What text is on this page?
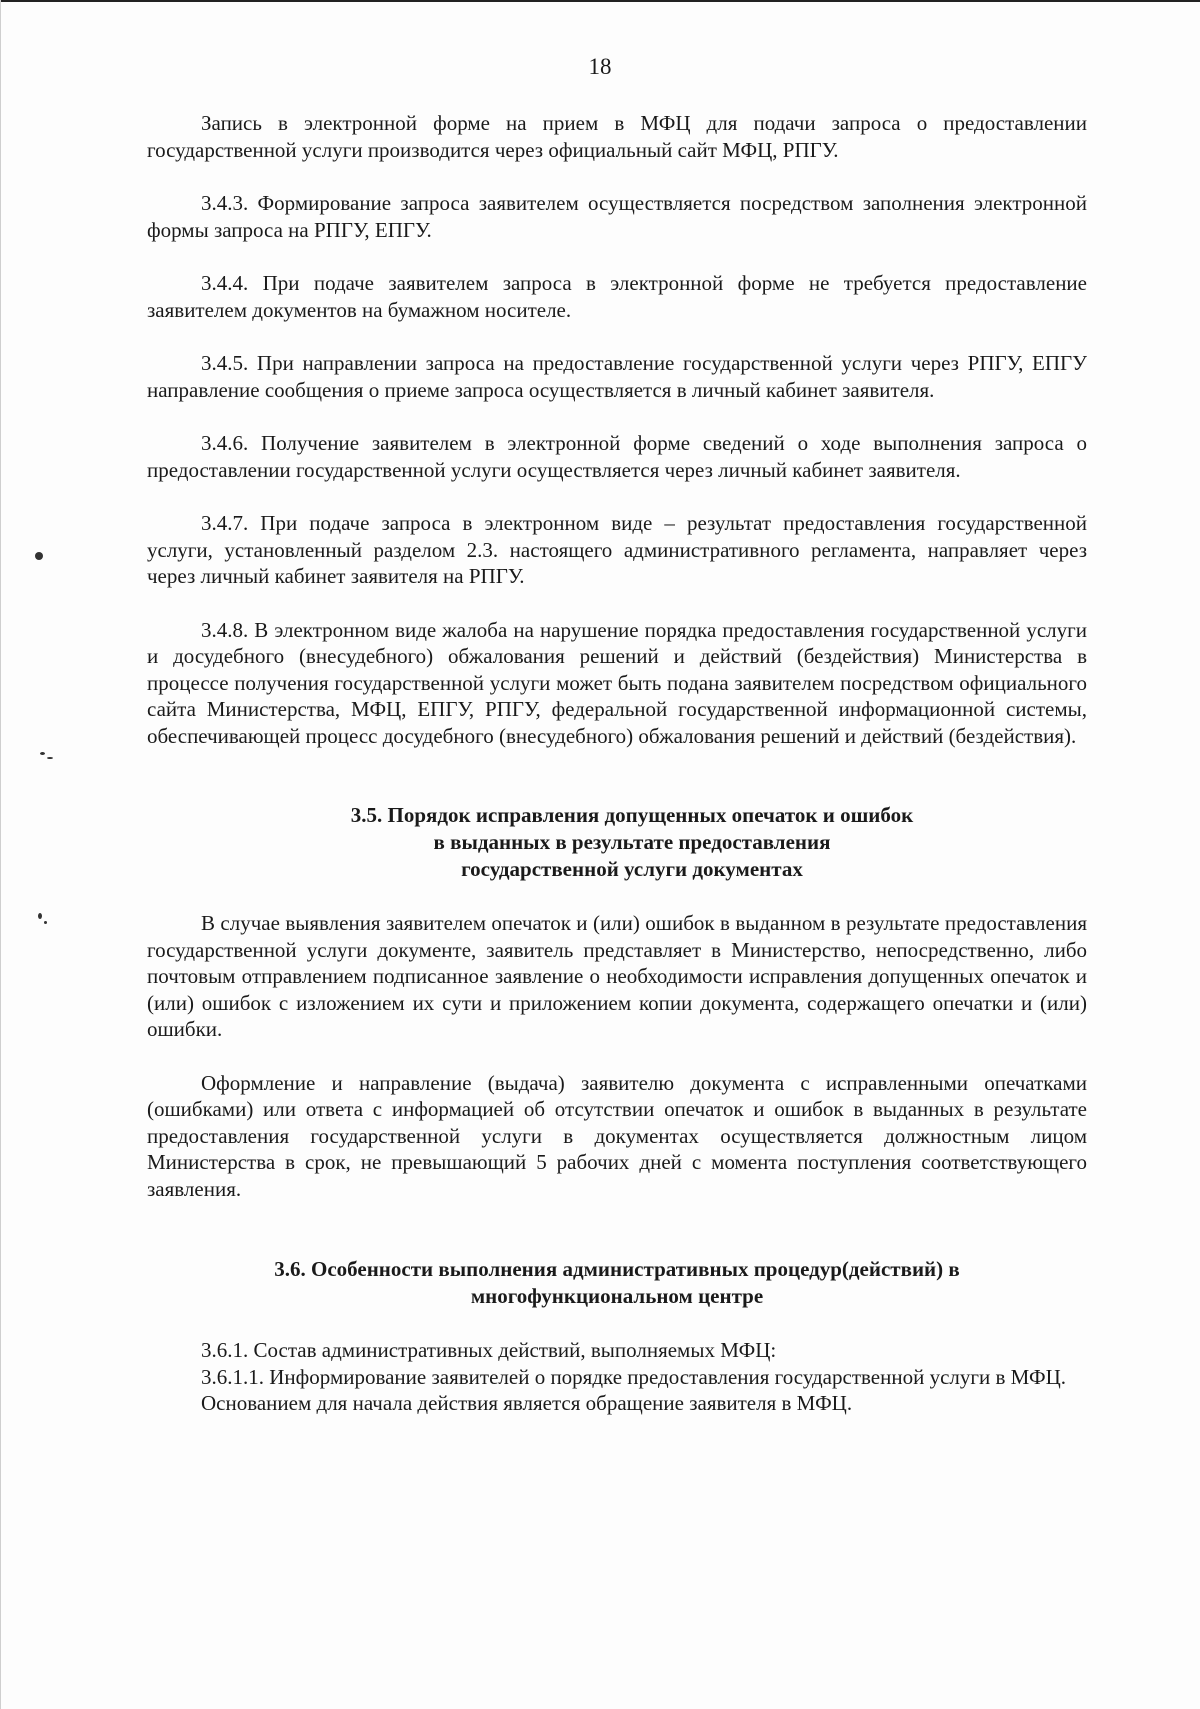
18

Запись в электронной форме на прием в МФЦ для подачи запроса о предоставлении государственной услуги производится через официальный сайт МФЦ, РПГУ.

3.4.3. Формирование запроса заявителем осуществляется посредством заполнения электронной формы запроса на РПГУ, ЕПГУ.

3.4.4. При подаче заявителем запроса в электронной форме не требуется предоставление заявителем документов на бумажном носителе.

3.4.5. При направлении запроса на предоставление государственной услуги через РПГУ, ЕПГУ направление сообщения о приеме запроса осуществляется в личный кабинет заявителя.

3.4.6. Получение заявителем в электронной форме сведений о ходе выполнения запроса о предоставлении государственной услуги осуществляется через личный кабинет заявителя.

3.4.7. При подаче запроса в электронном виде – результат предоставления государственной услуги, установленный разделом 2.3. настоящего административного регламента, направляет через через личный кабинет заявителя на РПГУ.

3.4.8. В электронном виде жалоба на нарушение порядка предоставления государственной услуги и досудебного (внесудебного) обжалования решений и действий (бездействия) Министерства в процессе получения государственной услуги может быть подана заявителем посредством официального сайта Министерства, МФЦ, ЕПГУ, РПГУ, федеральной государственной информационной системы, обеспечивающей процесс досудебного (внесудебного) обжалования решений и действий (бездействия).

3.5. Порядок исправления допущенных опечаток и ошибок
в выданных в результате предоставления
государственной услуги документах

В случае выявления заявителем опечаток и (или) ошибок в выданном в результате предоставления государственной услуги документе, заявитель представляет в Министерство, непосредственно, либо почтовым отправлением подписанное заявление о необходимости исправления допущенных опечаток и (или) ошибок с изложением их сути и приложением копии документа, содержащего опечатки и (или) ошибки.

Оформление и направление (выдача) заявителю документа с исправленными опечатками (ошибками) или ответа с информацией об отсутствии опечаток и ошибок в выданных в результате предоставления государственной услуги в документах осуществляется должностным лицом Министерства в срок, не превышающий 5 рабочих дней с момента поступления соответствующего заявления.

3.6. Особенности выполнения административных процедур(действий) в
многофункциональном центре

3.6.1. Состав административных действий, выполняемых МФЦ:

3.6.1.1. Информирование заявителей о порядке предоставления государственной услуги в МФЦ.

Основанием для начала действия является обращение заявителя в МФЦ.
